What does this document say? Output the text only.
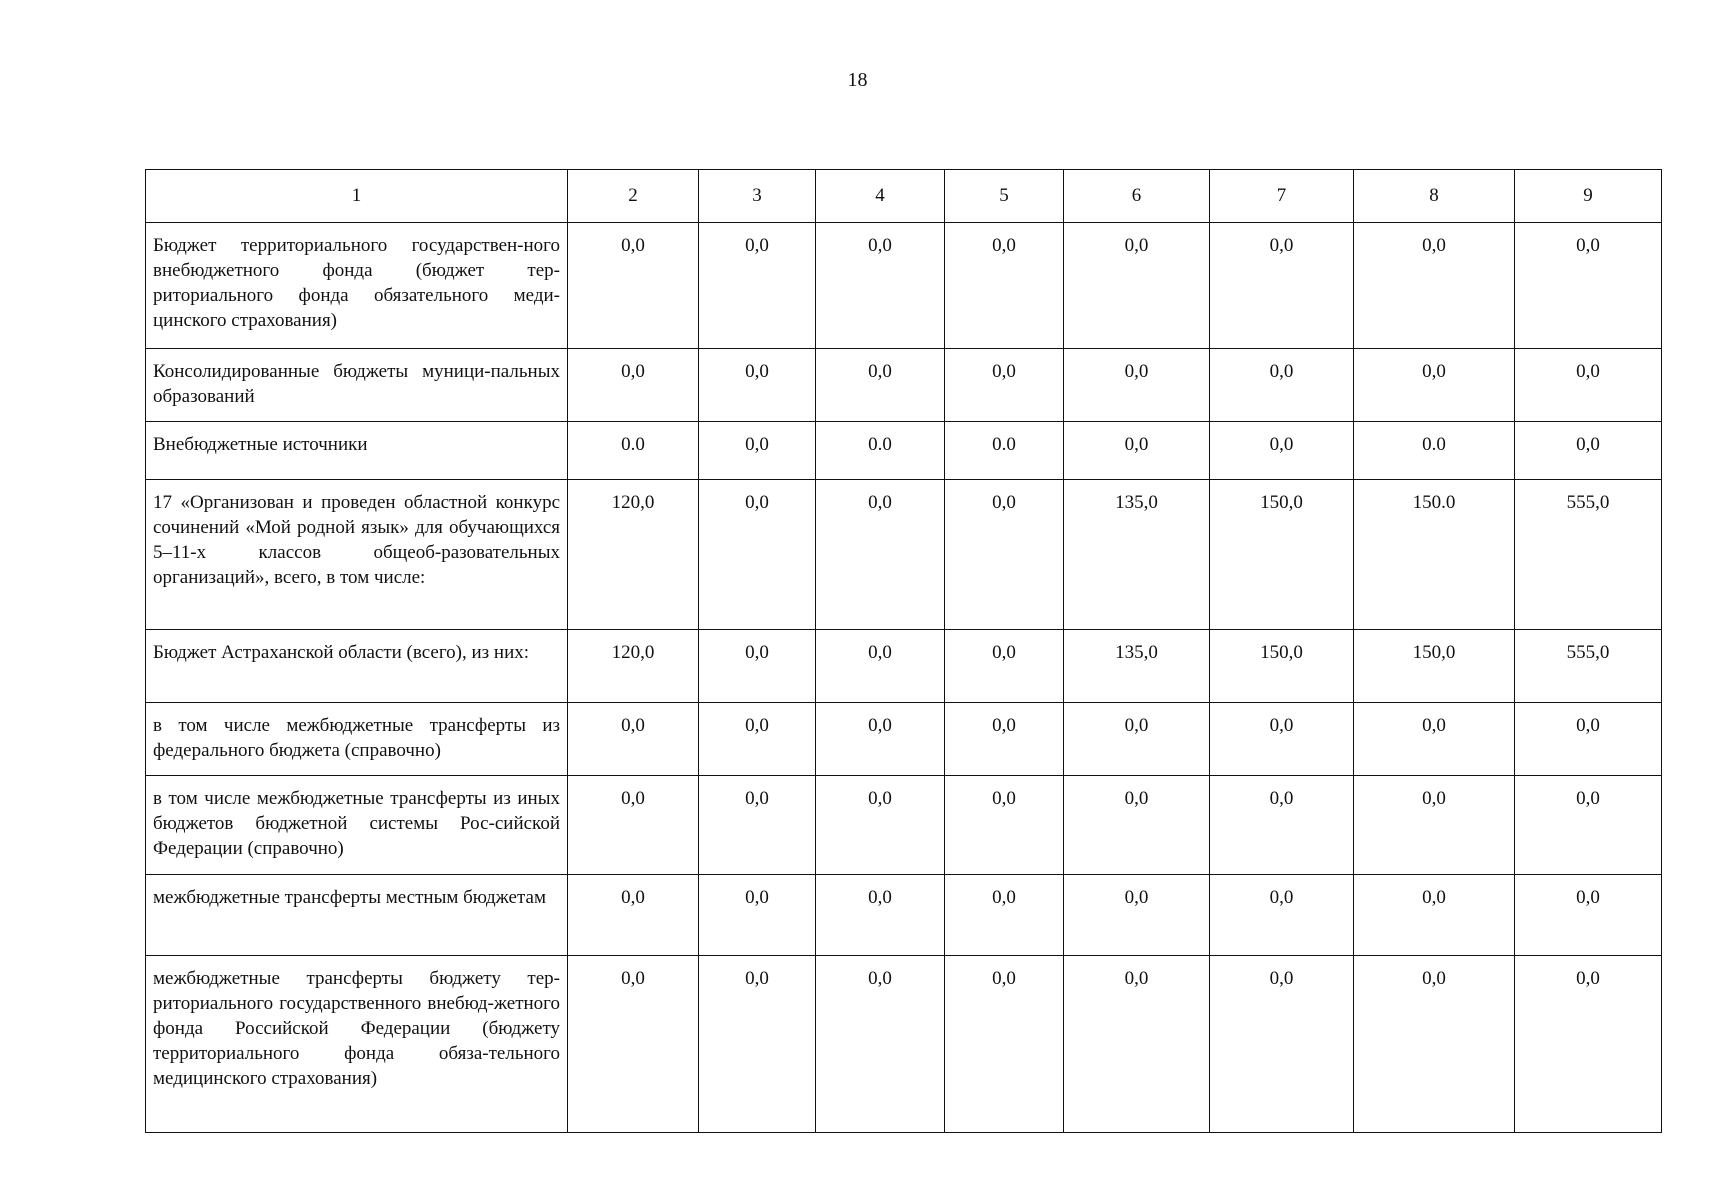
18
1	2	3	4	5	6	7	8	9
Бюджет территориального государствен-ного внебюджетного фонда (бюджет тер-риториального фонда обязательного меди-цинского страхования)	0,0	0,0	0,0	0,0	0,0	0,0	0,0	0,0
Консолидированные бюджеты муници-пальных образований	0,0	0,0	0,0	0,0	0,0	0,0	0,0	0,0
Внебюджетные источники	0.0	0,0	0.0	0.0	0,0	0,0	0.0	0,0
17 «Организован и проведен областной конкурс сочинений «Мой родной язык» для обучающихся 5–11-х классов общеоб-разовательных организаций», всего, в том числе:	120,0	0,0	0,0	0,0	135,0	150,0	150.0	555,0
Бюджет Астраханской области (всего), из них:	120,0	0,0	0,0	0,0	135,0	150,0	150,0	555,0
в том числе межбюджетные трансферты из федерального бюджета (справочно)	0,0	0,0	0,0	0,0	0,0	0,0	0,0	0,0
в том числе межбюджетные трансферты из иных бюджетов бюджетной системы Рос-сийской Федерации (справочно)	0,0	0,0	0,0	0,0	0,0	0,0	0,0	0,0
межбюджетные трансферты местным бюджетам	0,0	0,0	0,0	0,0	0,0	0,0	0,0	0,0
межбюджетные трансферты бюджету тер-риториального государственного внебюд-жетного фонда Российской Федерации (бюджету территориального фонда обяза-тельного медицинского страхования)	0,0	0,0	0,0	0,0	0,0	0,0	0,0	0,0
